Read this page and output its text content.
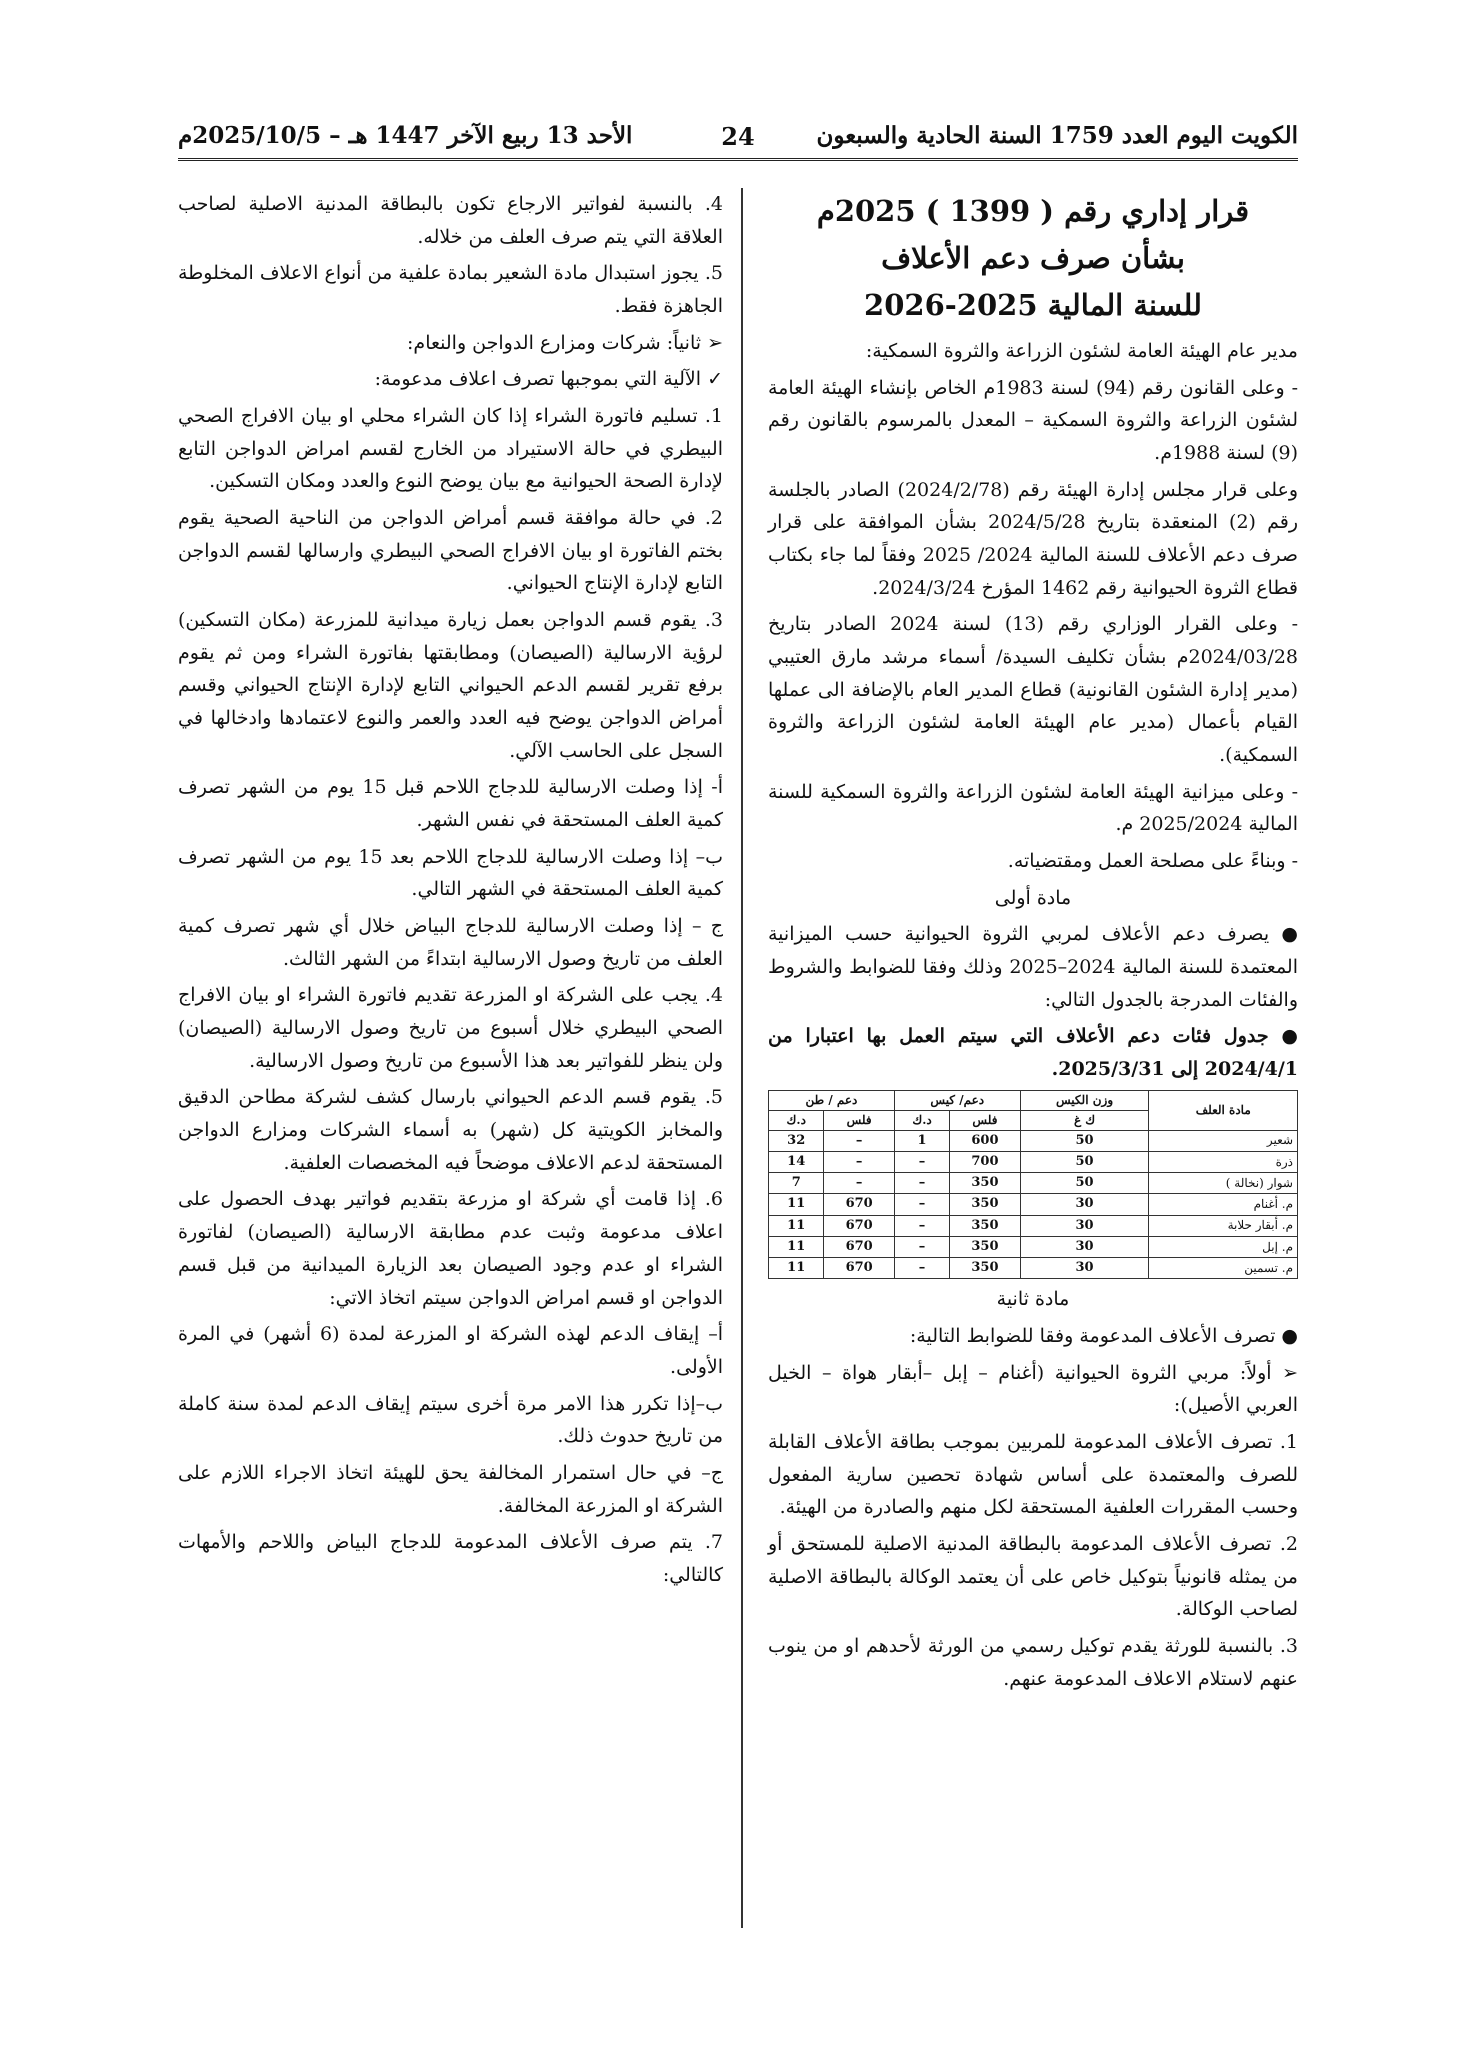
الكويت اليوم العدد 1759 السنة الحادية والسبعون
24
الأحد 13 ربيع الآخر 1447 هـ – 2025/10/5م
قرار إداري رقم ( 1399 ) 2025م
بشأن صرف دعم الأعلاف
للسنة المالية 2025-2026

مدير عام الهيئة العامة لشئون الزراعة والثروة السمكية:

- وعلى القانون رقم (94) لسنة 1983م الخاص بإنشاء الهيئة العامة لشئون الزراعة والثروة السمكية – المعدل بالمرسوم بالقانون رقم (9) لسنة 1988م.

وعلى قرار مجلس إدارة الهيئة رقم (2024/2/78) الصادر بالجلسة رقم (2) المنعقدة بتاريخ 2024/5/28 بشأن الموافقة على قرار صرف دعم الأعلاف للسنة المالية 2024/ 2025 وفقاً لما جاء بكتاب قطاع الثروة الحيوانية رقم 1462 المؤرخ 2024/3/24.

- وعلى القرار الوزاري رقم (13) لسنة 2024 الصادر بتاريخ 2024/03/28م بشأن تكليف السيدة/ أسماء مرشد مارق العتيبي (مدير إدارة الشئون القانونية) قطاع المدير العام بالإضافة الى عملها القيام بأعمال (مدير عام الهيئة العامة لشئون الزراعة والثروة السمكية).

- وعلى ميزانية الهيئة العامة لشئون الزراعة والثروة السمكية للسنة المالية 2025/2024 م.

- وبناءً على مصلحة العمل ومقتضياته.

مادة أولى

● يصرف دعم الأعلاف لمربي الثروة الحيوانية حسب الميزانية المعتمدة للسنة المالية 2024–2025 وذلك وفقا للضوابط والشروط والفئات المدرجة بالجدول التالي:

● جدول فئات دعم الأعلاف التي سيتم العمل بها اعتبارا من 2024/4/1 إلى 2025/3/31.

مادة العلف	وزن الكيس	دعم/ كيس		دعم / طن	
	ك غ	فلس	د.ك	فلس	د.ك
شعير	50	600	1	–	32
ذرة	50	700	–	–	14
شوار (نخالة )	50	350	–	–	7
م. أغنام	30	350	–	670	11
م. أبقار حلابة	30	350	–	670	11
م. إبل	30	350	–	670	11
م. تسمين	30	350	–	670	11

مادة ثانية

● تصرف الأعلاف المدعومة وفقا للضوابط التالية:

➢ أولاً: مربي الثروة الحيوانية (أغنام – إبل –أبقار هواة – الخيل العربي الأصيل):

1. تصرف الأعلاف المدعومة للمربين بموجب بطاقة الأعلاف القابلة للصرف والمعتمدة على أساس شهادة تحصين سارية المفعول وحسب المقررات العلفية المستحقة لكل منهم والصادرة من الهيئة.

2. تصرف الأعلاف المدعومة بالبطاقة المدنية الاصلية للمستحق أو من يمثله قانونياً بتوكيل خاص على أن يعتمد الوكالة بالبطاقة الاصلية لصاحب الوكالة.

3. بالنسبة للورثة يقدم توكيل رسمي من الورثة لأحدهم او من ينوب عنهم لاستلام الاعلاف المدعومة عنهم.

4. بالنسبة لفواتير الارجاع تكون بالبطاقة المدنية الاصلية لصاحب العلاقة التي يتم صرف العلف من خلاله.

5. يجوز استبدال مادة الشعير بمادة علفية من أنواع الاعلاف المخلوطة الجاهزة فقط.

➢ ثانياً: شركات ومزارع الدواجن والنعام:

✓ الآلية التي بموجبها تصرف اعلاف مدعومة:

1. تسليم فاتورة الشراء إذا كان الشراء محلي او بيان الافراج الصحي البيطري في حالة الاستيراد من الخارج لقسم امراض الدواجن التابع لإدارة الصحة الحيوانية مع بيان يوضح النوع والعدد ومكان التسكين.

2. في حالة موافقة قسم أمراض الدواجن من الناحية الصحية يقوم بختم الفاتورة او بيان الافراج الصحي البيطري وارسالها لقسم الدواجن التابع لإدارة الإنتاج الحيواني.

3. يقوم قسم الدواجن بعمل زيارة ميدانية للمزرعة (مكان التسكين) لرؤية الارسالية (الصيصان) ومطابقتها بفاتورة الشراء ومن ثم يقوم برفع تقرير لقسم الدعم الحيواني التابع لإدارة الإنتاج الحيواني وقسم أمراض الدواجن يوضح فيه العدد والعمر والنوع لاعتمادها وادخالها في السجل على الحاسب الآلي.

أ- إذا وصلت الارسالية للدجاج اللاحم قبل 15 يوم من الشهر تصرف كمية العلف المستحقة في نفس الشهر.

ب– إذا وصلت الارسالية للدجاج اللاحم بعد 15 يوم من الشهر تصرف كمية العلف المستحقة في الشهر التالي.

ج – إذا وصلت الارسالية للدجاج البياض خلال أي شهر تصرف كمية العلف من تاريخ وصول الارسالية ابتداءً من الشهر الثالث.

4. يجب على الشركة او المزرعة تقديم فاتورة الشراء او بيان الافراج الصحي البيطري خلال أسبوع من تاريخ وصول الارسالية (الصيصان) ولن ينظر للفواتير بعد هذا الأسبوع من تاريخ وصول الارسالية.

5. يقوم قسم الدعم الحيواني بارسال كشف لشركة مطاحن الدقيق والمخابز الكويتية كل (شهر) به أسماء الشركات ومزارع الدواجن المستحقة لدعم الاعلاف موضحاً فيه المخصصات العلفية.

6. إذا قامت أي شركة او مزرعة بتقديم فواتير بهدف الحصول على اعلاف مدعومة وثبت عدم مطابقة الارسالية (الصيصان) لفاتورة الشراء او عدم وجود الصيصان بعد الزيارة الميدانية من قبل قسم الدواجن او قسم امراض الدواجن سيتم اتخاذ الاتي:

أ– إيقاف الدعم لهذه الشركة او المزرعة لمدة (6 أشهر) في المرة الأولى.

ب–إذا تكرر هذا الامر مرة أخرى سيتم إيقاف الدعم لمدة سنة كاملة من تاريخ حدوث ذلك.

ج– في حال استمرار المخالفة يحق للهيئة اتخاذ الاجراء اللازم على الشركة او المزرعة المخالفة.

7. يتم صرف الأعلاف المدعومة للدجاج البياض واللاحم والأمهات كالتالي:
